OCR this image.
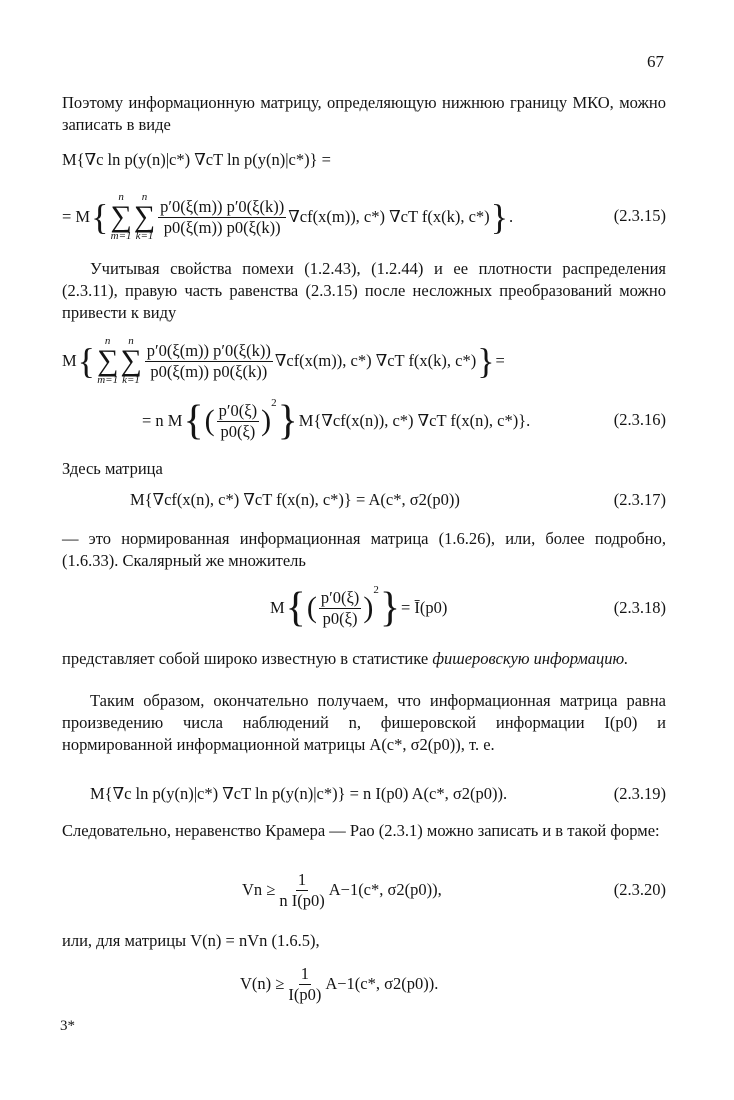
67
Поэтому информационную матрицу, определяющую нижнюю границу МКО, можно записать в виде
M{∇c ln p(y(n)|c*) ∇cT ln p(y(n)|c*)} =
= M { n
∑
m=1
n
∑
$k=1 \frac{p'0(\xi(m)) p'0(\xi(k))}{p0(\xi(m)) p0(\xi(k))} \nabla cf(x(m))$, c*) ∇cT f(x(k), c*) } .	(2.3.15)
Учитывая свойства помехи (1.2.43), (1.2.44) и ее плотности распределения (2.3.11), правую часть равенства (2.3.15) после несложных преобразований можно привести к виду
M { n
∑
m=1
n
∑
$k=1 \frac{p'0(\xi(m)) p'0(\xi(k))}{p0(\xi(m)) p0(\xi(k))} \nabla cf(x(m))$, c*) ∇cT f(x(k), c*) } =
= n M { ( $\frac{p'0(\xi)}{p0(\xi)}$ )
$^2$ } M{∇cf(x(n)), c*) ∇cT f(x(n), c*)}.	(2.3.16)
Здесь матрица
M{∇cf(x(n), c*) ∇cT f(x(n), c*)} = A(c*, σ2(p0))	(2.3.17)
— это нормированная информационная матрица (1.6.26), или, более подробно, (1.6.33). Скалярный же множитель
M { ( $\frac{p'0(\xi)}{p0(\xi)}$ )
$^2$ } = Ī(p0)	(2.3.18)
представляет собой широко известную в статистике фишеровскую информацию.
Таким образом, окончательно получаем, что информационная матрица равна произведению числа наблюдений n, фишеровской информации I(p0) и нормированной информационной матрицы A(c*, σ2(p0)), т. е.
M{∇c ln p(y(n)|c*) ∇cT ln p(y(n)|c*)} = n I(p0) A(c*, σ2(p0)).	(2.3.19)
Следовательно, неравенство Крамера — Рао (2.3.1) можно записать и в такой форме:
$Vn \ge \frac{1}{\text{n I(p0)}} A-1(c*$, σ2(p0)),	(2.3.20)
или, для матрицы V(n) = nVn (1.6.5),
$V(n) \ge \frac{1}{I(p0)} A-1(c*$, σ2(p0)).
3*
